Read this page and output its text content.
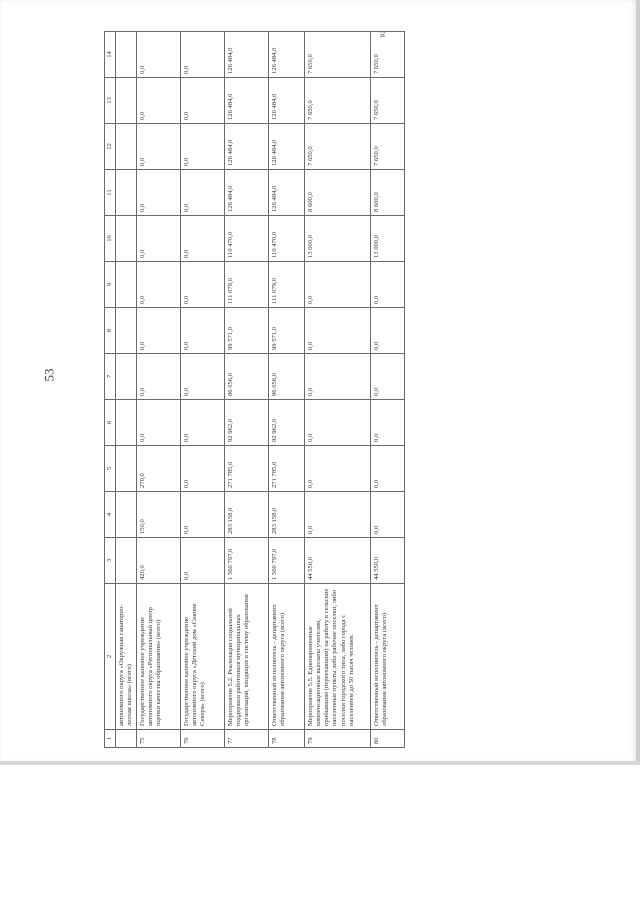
53
в;
1	2	3	4	5	6	7	8	9	10	11	12	13	14
	автономного округа «Окружная санаторно-лесная школа» (всего)												
75	Государственное казенное учреждение автономного округа «Региональный центр оценки качества образования» (всего)	420,0	150,0	270,0	0,0	0,0	0,0	0,0	0,0	0,0	0,0	0,0	0,0
76	Государственное казенное учреждение автономного округа «Детский дом «Сияние Севера» (всего)	0,0	0,0	0,0	0,0	0,0	0,0	0,0	0,0	0,0	0,0	0,0	0,0
77	Мероприятие 5.2. Реализация социальной поддержки работников муниципальных организаций, входящих в систему образования	1 560 797,0	283 158,0	271 785,0	92 962,0	86 056,0	99 571,0	111 079,0	110 470,0	126 484,0	126 484,0	126 484,0	126 484,0
78	Ответственный исполнитель - департамент образования автономного округа (всего)	1 560 797,0	283 158,0	271 785,0	92 962,0	86 056,0	99 571,0	111 079,0	110 470,0	126 484,0	126 484,0	126 484,0	126 484,0
79	Мероприятие 5.5. Единовременные компенсационные выплаты учителям, прибывшим (переехавшим) на работу в сельские населенные пункты либо рабочие поселки, либо поселки городского типа, либо города с населением до 50 тысяч человек	44 550,0	0,0	0,0	0,0	0,0	0,0	0,0	13 000,0	8 600,0	7 650,0	7 650,0	7 650,0
80	Ответственный исполнитель - департамент образования автономного округа (всего)	44 550,0	0,0	0,0	0,0	0,0	0,0	0,0	13 000,0	8 600,0	7 650,0	7 650,0	7 650,0
